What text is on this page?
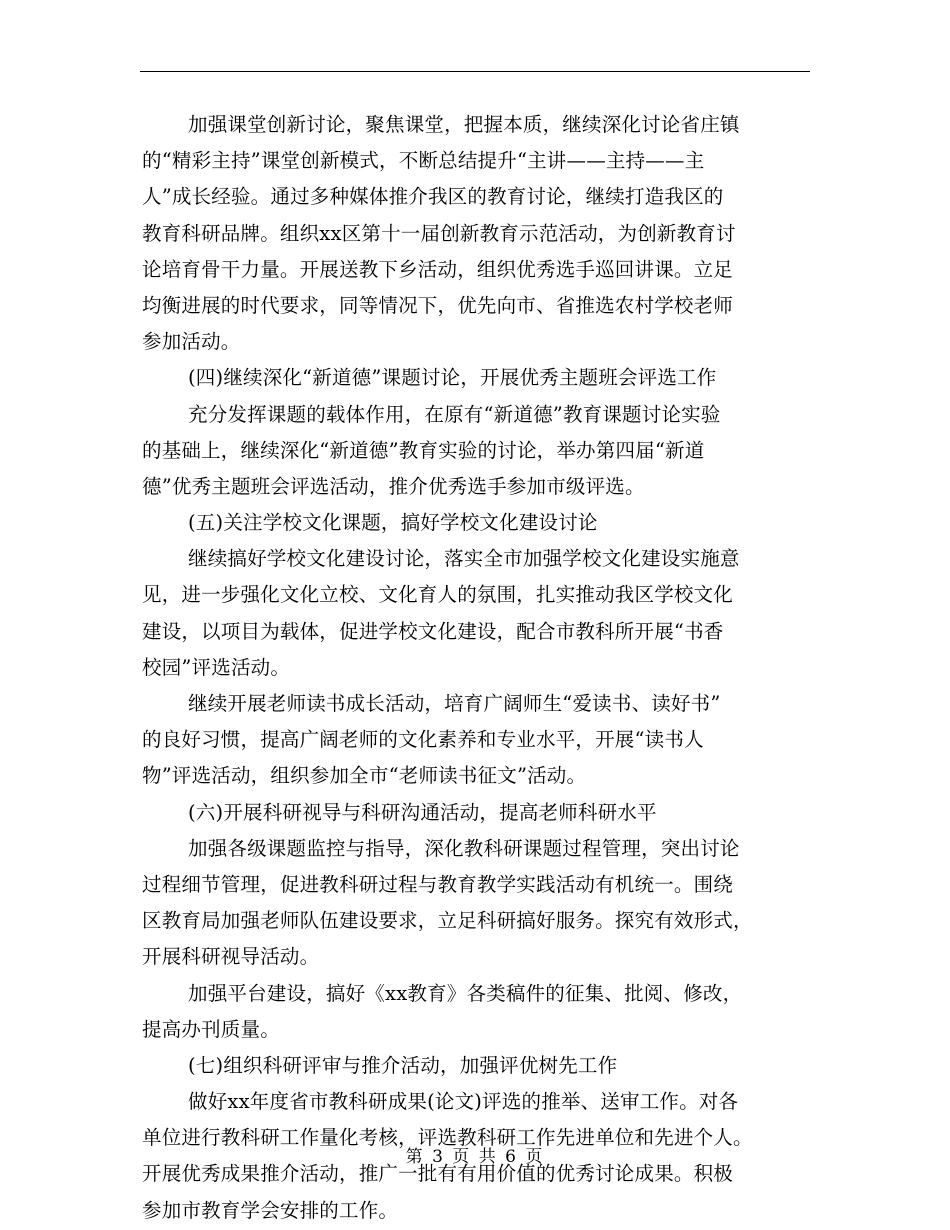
加强课堂创新讨论，聚焦课堂，把握本质，继续深化讨论省庄镇
的“精彩主持”课堂创新模式，不断总结提升“主讲——主持——主
人”成长经验。通过多种媒体推介我区的教育讨论，继续打造我区的
教育科研品牌。组织xx区第十一届创新教育示范活动，为创新教育讨
论培育骨干力量。开展送教下乡活动，组织优秀选手巡回讲课。立足
均衡进展的时代要求，同等情况下，优先向市、省推选农村学校老师
参加活动。
(四)继续深化“新道德”课题讨论，开展优秀主题班会评选工作
充分发挥课题的载体作用，在原有“新道德”教育课题讨论实验
的基础上，继续深化“新道德”教育实验的讨论，举办第四届“新道
德”优秀主题班会评选活动，推介优秀选手参加市级评选。
(五)关注学校文化课题，搞好学校文化建设讨论
继续搞好学校文化建设讨论，落实全市加强学校文化建设实施意
见，进一步强化文化立校、文化育人的氛围，扎实推动我区学校文化
建设，以项目为载体，促进学校文化建设，配合市教科所开展“书香
校园”评选活动。
继续开展老师读书成长活动，培育广阔师生“爱读书、读好书”
的良好习惯，提高广阔老师的文化素养和专业水平，开展“读书人
物”评选活动，组织参加全市“老师读书征文”活动。
(六)开展科研视导与科研沟通活动，提高老师科研水平
加强各级课题监控与指导，深化教科研课题过程管理，突出讨论
过程细节管理，促进教科研过程与教育教学实践活动有机统一。围绕
区教育局加强老师队伍建设要求，立足科研搞好服务。探究有效形式，
开展科研视导活动。
加强平台建设，搞好《xx教育》各类稿件的征集、批阅、修改，
提高办刊质量。
(七)组织科研评审与推介活动，加强评优树先工作
做好xx年度省市教科研成果(论文)评选的推举、送审工作。对各
单位进行教科研工作量化考核，评选教科研工作先进单位和先进个人。
开展优秀成果推介活动，推广一批有有用价值的优秀讨论成果。积极
参加市教育学会安排的工作。
第 3 页 共 6 页
